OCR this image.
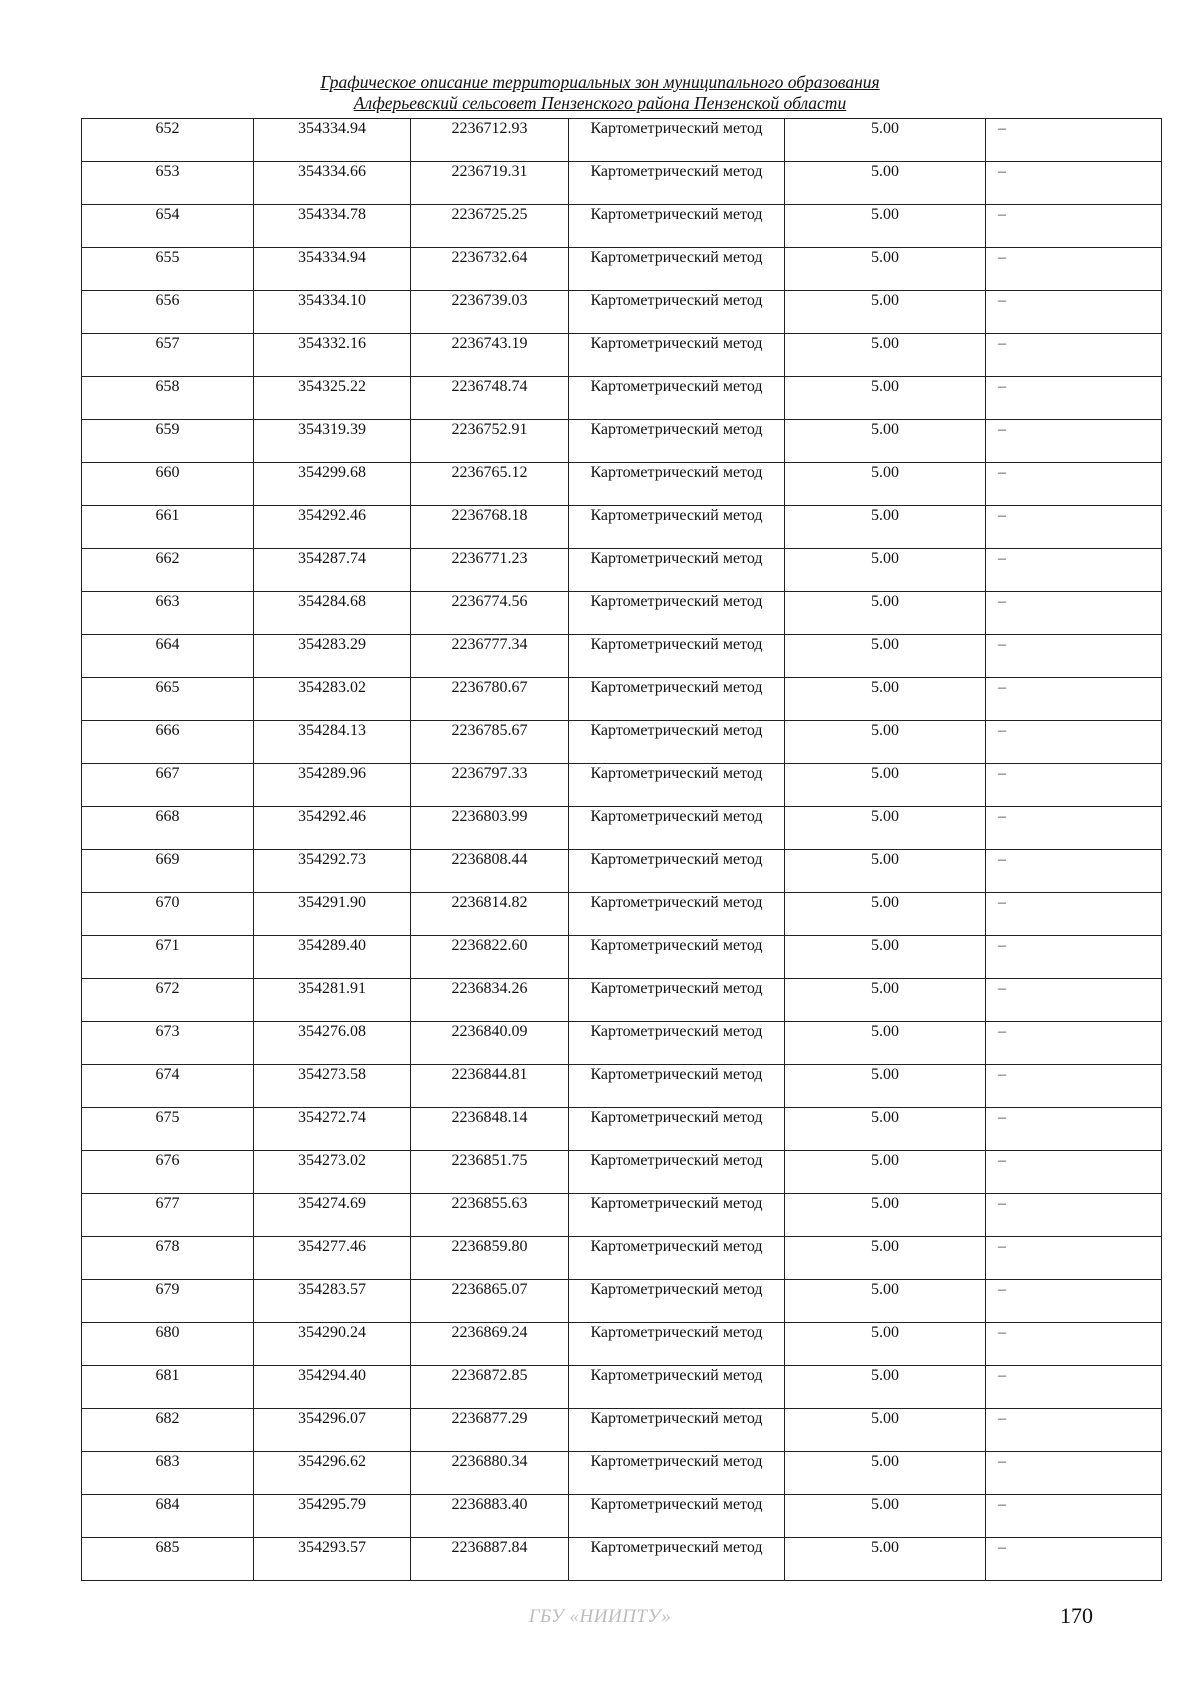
Графическое описание территориальных зон муниципального образования
Алферьевский сельсовет Пензенского района Пензенской области
652	354334.94	2236712.93	Картометрический метод	5.00	–
653	354334.66	2236719.31	Картометрический метод	5.00	–
654	354334.78	2236725.25	Картометрический метод	5.00	–
655	354334.94	2236732.64	Картометрический метод	5.00	–
656	354334.10	2236739.03	Картометрический метод	5.00	–
657	354332.16	2236743.19	Картометрический метод	5.00	–
658	354325.22	2236748.74	Картометрический метод	5.00	–
659	354319.39	2236752.91	Картометрический метод	5.00	–
660	354299.68	2236765.12	Картометрический метод	5.00	–
661	354292.46	2236768.18	Картометрический метод	5.00	–
662	354287.74	2236771.23	Картометрический метод	5.00	–
663	354284.68	2236774.56	Картометрический метод	5.00	–
664	354283.29	2236777.34	Картометрический метод	5.00	–
665	354283.02	2236780.67	Картометрический метод	5.00	–
666	354284.13	2236785.67	Картометрический метод	5.00	–
667	354289.96	2236797.33	Картометрический метод	5.00	–
668	354292.46	2236803.99	Картометрический метод	5.00	–
669	354292.73	2236808.44	Картометрический метод	5.00	–
670	354291.90	2236814.82	Картометрический метод	5.00	–
671	354289.40	2236822.60	Картометрический метод	5.00	–
672	354281.91	2236834.26	Картометрический метод	5.00	–
673	354276.08	2236840.09	Картометрический метод	5.00	–
674	354273.58	2236844.81	Картометрический метод	5.00	–
675	354272.74	2236848.14	Картометрический метод	5.00	–
676	354273.02	2236851.75	Картометрический метод	5.00	–
677	354274.69	2236855.63	Картометрический метод	5.00	–
678	354277.46	2236859.80	Картометрический метод	5.00	–
679	354283.57	2236865.07	Картометрический метод	5.00	–
680	354290.24	2236869.24	Картометрический метод	5.00	–
681	354294.40	2236872.85	Картометрический метод	5.00	–
682	354296.07	2236877.29	Картометрический метод	5.00	–
683	354296.62	2236880.34	Картометрический метод	5.00	–
684	354295.79	2236883.40	Картометрический метод	5.00	–
685	354293.57	2236887.84	Картометрический метод	5.00	–
ГБУ «НИИПТУ»	170
